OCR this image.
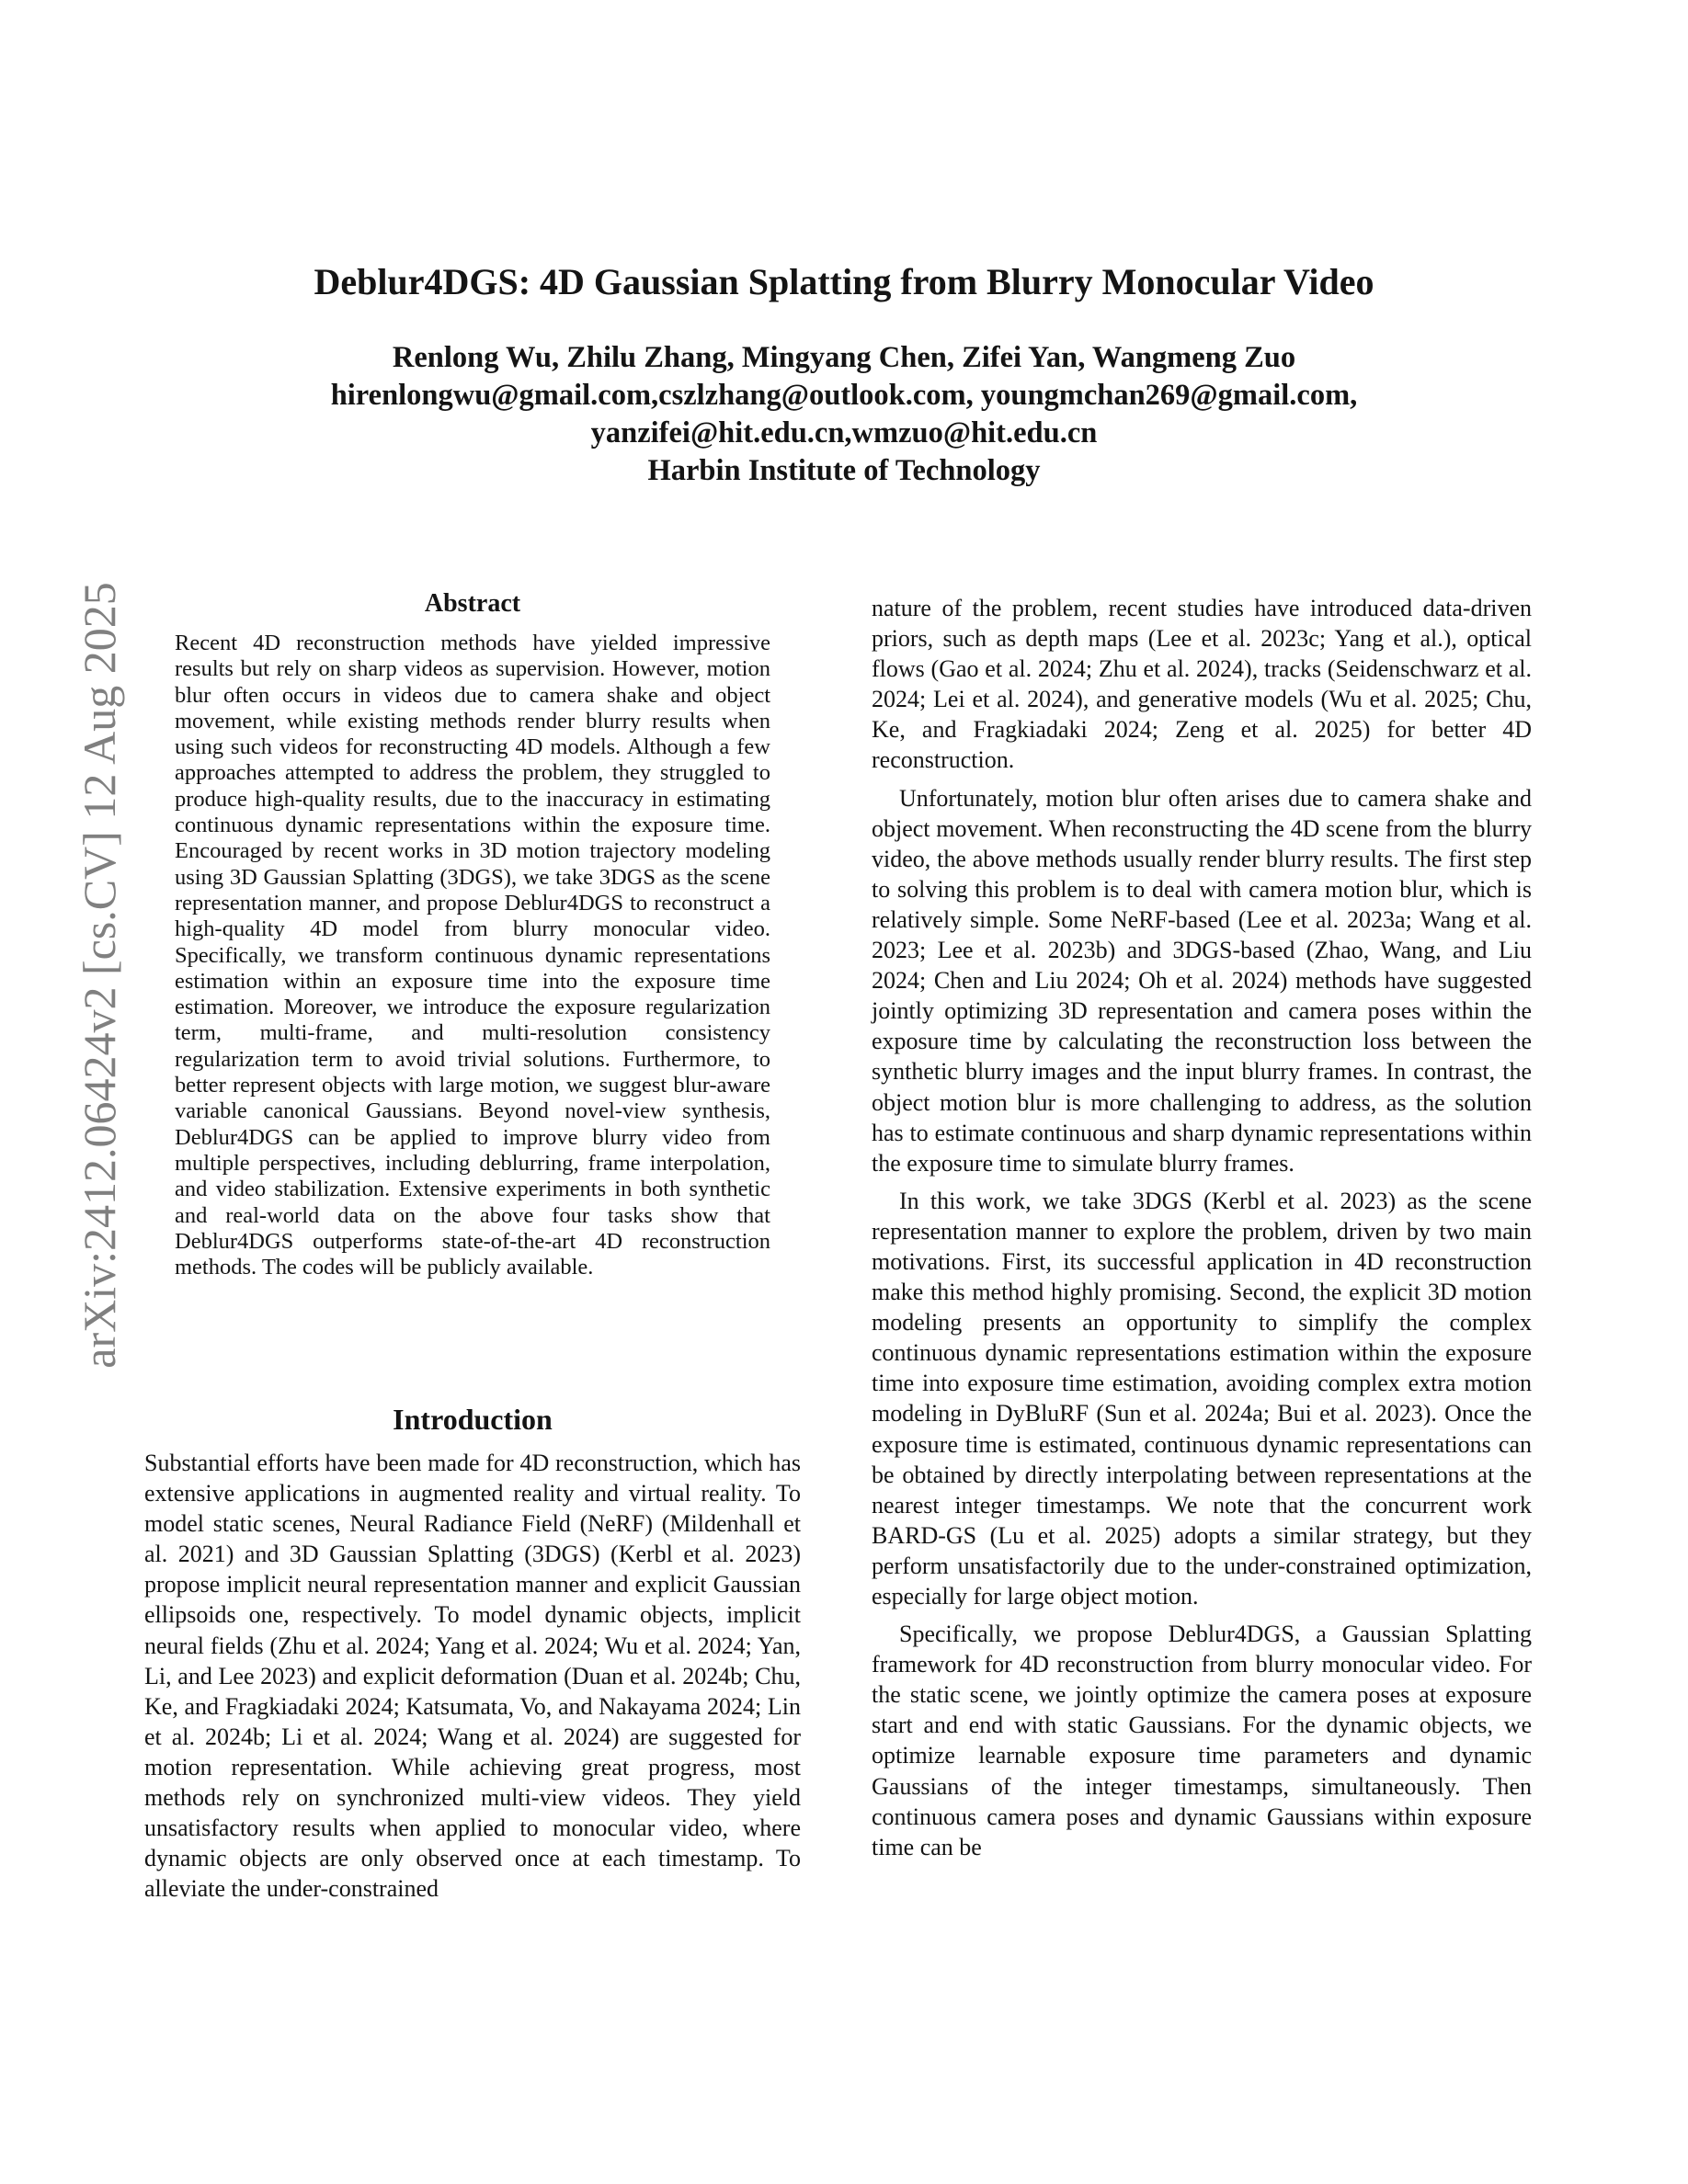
Deblur4DGS: 4D Gaussian Splatting from Blurry Monocular Video
Renlong Wu, Zhilu Zhang, Mingyang Chen, Zifei Yan, Wangmeng Zuo
hirenlongwu@gmail.com,cszlzhang@outlook.com, youngmchan269@gmail.com,
yanzifei@hit.edu.cn,wmzuo@hit.edu.cn
Harbin Institute of Technology
arXiv:2412.06424v2 [cs.CV] 12 Aug 2025	Abstract

Recent 4D reconstruction methods have yielded impressive results but rely on sharp videos as supervision. However, motion blur often occurs in videos due to camera shake and object movement, while existing methods render blurry results when using such videos for reconstructing 4D models. Although a few approaches attempted to address the problem, they struggled to produce high-quality results, due to the inaccuracy in estimating continuous dynamic representations within the exposure time. Encouraged by recent works in 3D motion trajectory modeling using 3D Gaussian Splatting (3DGS), we take 3DGS as the scene representation manner, and propose Deblur4DGS to reconstruct a high-quality 4D model from blurry monocular video. Specifically, we transform continuous dynamic representations estimation within an exposure time into the exposure time estimation. Moreover, we introduce the exposure regularization term, multi-frame, and multi-resolution consistency regularization term to avoid trivial solutions. Furthermore, to better represent objects with large motion, we suggest blur-aware variable canonical Gaussians. Beyond novel-view synthesis, Deblur4DGS can be applied to improve blurry video from multiple perspectives, including deblurring, frame interpolation, and video stabilization. Extensive experiments in both synthetic and real-world data on the above four tasks show that Deblur4DGS outperforms state-of-the-art 4D reconstruction methods. The codes will be publicly available.

Introduction

Substantial efforts have been made for 4D reconstruction, which has extensive applications in augmented reality and virtual reality. To model static scenes, Neural Radiance Field (NeRF) (Mildenhall et al. 2021) and 3D Gaussian Splatting (3DGS) (Kerbl et al. 2023) propose implicit neural representation manner and explicit Gaussian ellipsoids one, respectively. To model dynamic objects, implicit neural fields (Zhu et al. 2024; Yang et al. 2024; Wu et al. 2024; Yan, Li, and Lee 2023) and explicit deformation (Duan et al. 2024b; Chu, Ke, and Fragkiadaki 2024; Katsumata, Vo, and Nakayama 2024; Lin et al. 2024b; Li et al. 2024; Wang et al. 2024) are suggested for motion representation. While achieving great progress, most methods rely on synchronized multi-view videos. They yield unsatisfactory results when applied to monocular video, where dynamic objects are only observed once at each timestamp. To alleviate the under-constrained

nature of the problem, recent studies have introduced data-driven priors, such as depth maps (Lee et al. 2023c; Yang et al.), optical flows (Gao et al. 2024; Zhu et al. 2024), tracks (Seidenschwarz et al. 2024; Lei et al. 2024), and generative models (Wu et al. 2025; Chu, Ke, and Fragkiadaki 2024; Zeng et al. 2025) for better 4D reconstruction.

Unfortunately, motion blur often arises due to camera shake and object movement. When reconstructing the 4D scene from the blurry video, the above methods usually render blurry results. The first step to solving this problem is to deal with camera motion blur, which is relatively simple. Some NeRF-based (Lee et al. 2023a; Wang et al. 2023; Lee et al. 2023b) and 3DGS-based (Zhao, Wang, and Liu 2024; Chen and Liu 2024; Oh et al. 2024) methods have suggested jointly optimizing 3D representation and camera poses within the exposure time by calculating the reconstruction loss between the synthetic blurry images and the input blurry frames. In contrast, the object motion blur is more challenging to address, as the solution has to estimate continuous and sharp dynamic representations within the exposure time to simulate blurry frames.

In this work, we take 3DGS (Kerbl et al. 2023) as the scene representation manner to explore the problem, driven by two main motivations. First, its successful application in 4D reconstruction make this method highly promising. Second, the explicit 3D motion modeling presents an opportunity to simplify the complex continuous dynamic representations estimation within the exposure time into exposure time estimation, avoiding complex extra motion modeling in DyBluRF (Sun et al. 2024a; Bui et al. 2023). Once the exposure time is estimated, continuous dynamic representations can be obtained by directly interpolating between representations at the nearest integer timestamps. We note that the concurrent work BARD-GS (Lu et al. 2025) adopts a similar strategy, but they perform unsatisfactorily due to the under-constrained optimization, especially for large object motion.

Specifically, we propose Deblur4DGS, a Gaussian Splatting framework for 4D reconstruction from blurry monocular video. For the static scene, we jointly optimize the camera poses at exposure start and end with static Gaussians. For the dynamic objects, we optimize learnable exposure time parameters and dynamic Gaussians of the integer timestamps, simultaneously. Then continuous camera poses and dynamic Gaussians within exposure time can be
